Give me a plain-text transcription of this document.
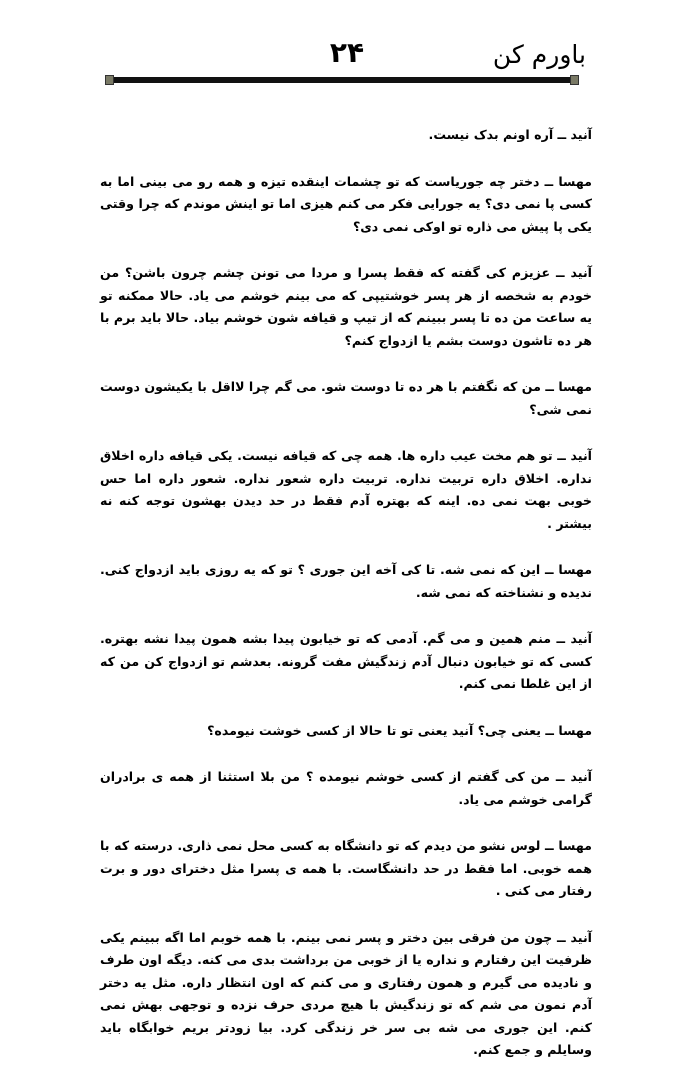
باورم کن
۲۴

آنید ــ آره اونم بدک نیست.

مهسا ــ دختر چه جوریاست که تو چشمات اینقده تیزه و همه رو می بینی اما به کسی پا نمی دی؟ یه جورایی فکر می کنم هیزی اما تو اینش موندم که چرا وقتی یکی پا پیش می ذاره تو اوکی نمی دی؟

آنید ــ عزیزم کی گفته که فقط پسرا و مردا می تونن چشم چرون باشن؟ من خودم به شخصه از هر پسر خوشتیپی که می بینم خوشم می یاد. حالا ممکنه تو یه ساعت من ده تا پسر ببینم که از تیپ و قیافه شون خوشم بیاد. حالا باید برم با هر ده تاشون دوست بشم یا ازدواج کنم؟

مهسا ــ من که نگفتم با هر ده تا دوست شو. می گم چرا لااقل با یکیشون دوست نمی شی؟

آنید ــ تو هم مخت عیب داره ها. همه چی که قیافه نیست. یکی قیافه داره اخلاق نداره. اخلاق داره تربیت نداره. تربیت داره شعور نداره. شعور داره اما حس خوبی بهت نمی ده. اینه که بهتره آدم فقط در حد دیدن بهشون توجه کنه نه بیشتر .

مهسا ــ این که نمی شه. تا کی آخه این جوری ؟ تو که یه روزی باید ازدواج کنی. ندیده و نشناخته که نمی شه.

آنید ــ منم همین و می گم. آدمی که تو خیابون پیدا بشه همون پیدا نشه بهتره. کسی که تو خیابون دنبال آدم زندگیش مفت گرونه. بعدشم تو ازدواج کن من که از این غلطا نمی کنم.

مهسا ــ یعنی چی؟ آنید یعنی تو تا حالا از کسی خوشت نیومده؟

آنید ــ من کی گفتم از کسی خوشم نیومده ؟ من بلا استثنا از همه ی برادران گرامی خوشم می یاد.

مهسا ــ لوس نشو من دیدم که تو دانشگاه به کسی محل نمی ذاری. درسته که با همه خوبی. اما فقط در حد دانشگاست. با همه ی پسرا مثل دخترای دور و برت رفتار می کنی .

آنید ــ چون من فرقی بین دختر و پسر نمی بینم. با همه خوبم اما اگه ببینم یکی ظرفیت این رفتارم و نداره یا از خوبی من برداشت بدی می کنه. دیگه اون طرف و نادیده می گیرم و همون رفتاری و می کنم که اون انتظار داره. مثل یه دختر آدم نمون می شم که تو زندگیش با هیچ مردی حرف نزده و توجهی بهش نمی کنم. این جوری می شه بی سر خر زندگی کرد. بیا زودتر بریم خوابگاه باید وسایلم و جمع کنم.
